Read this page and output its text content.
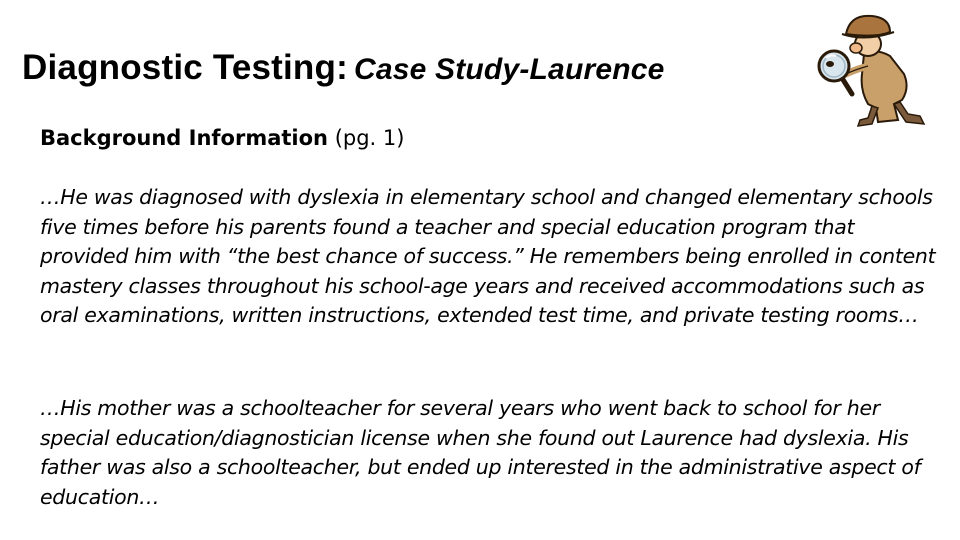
Diagnostic Testing: Case Study-Laurence
Background Information (pg. 1)
…He was diagnosed with dyslexia in elementary school and changed elementary schools five times before his parents found a teacher and special education program that provided him with “the best chance of success.” He remembers being enrolled in content mastery classes throughout his school-age years and received accommodations such as oral examinations, written instructions, extended test time, and private testing rooms…
…His mother was a schoolteacher for several years who went back to school for her special education/diagnostician license when she found out Laurence had dyslexia. His father was also a schoolteacher, but ended up interested in the administrative aspect of education…
